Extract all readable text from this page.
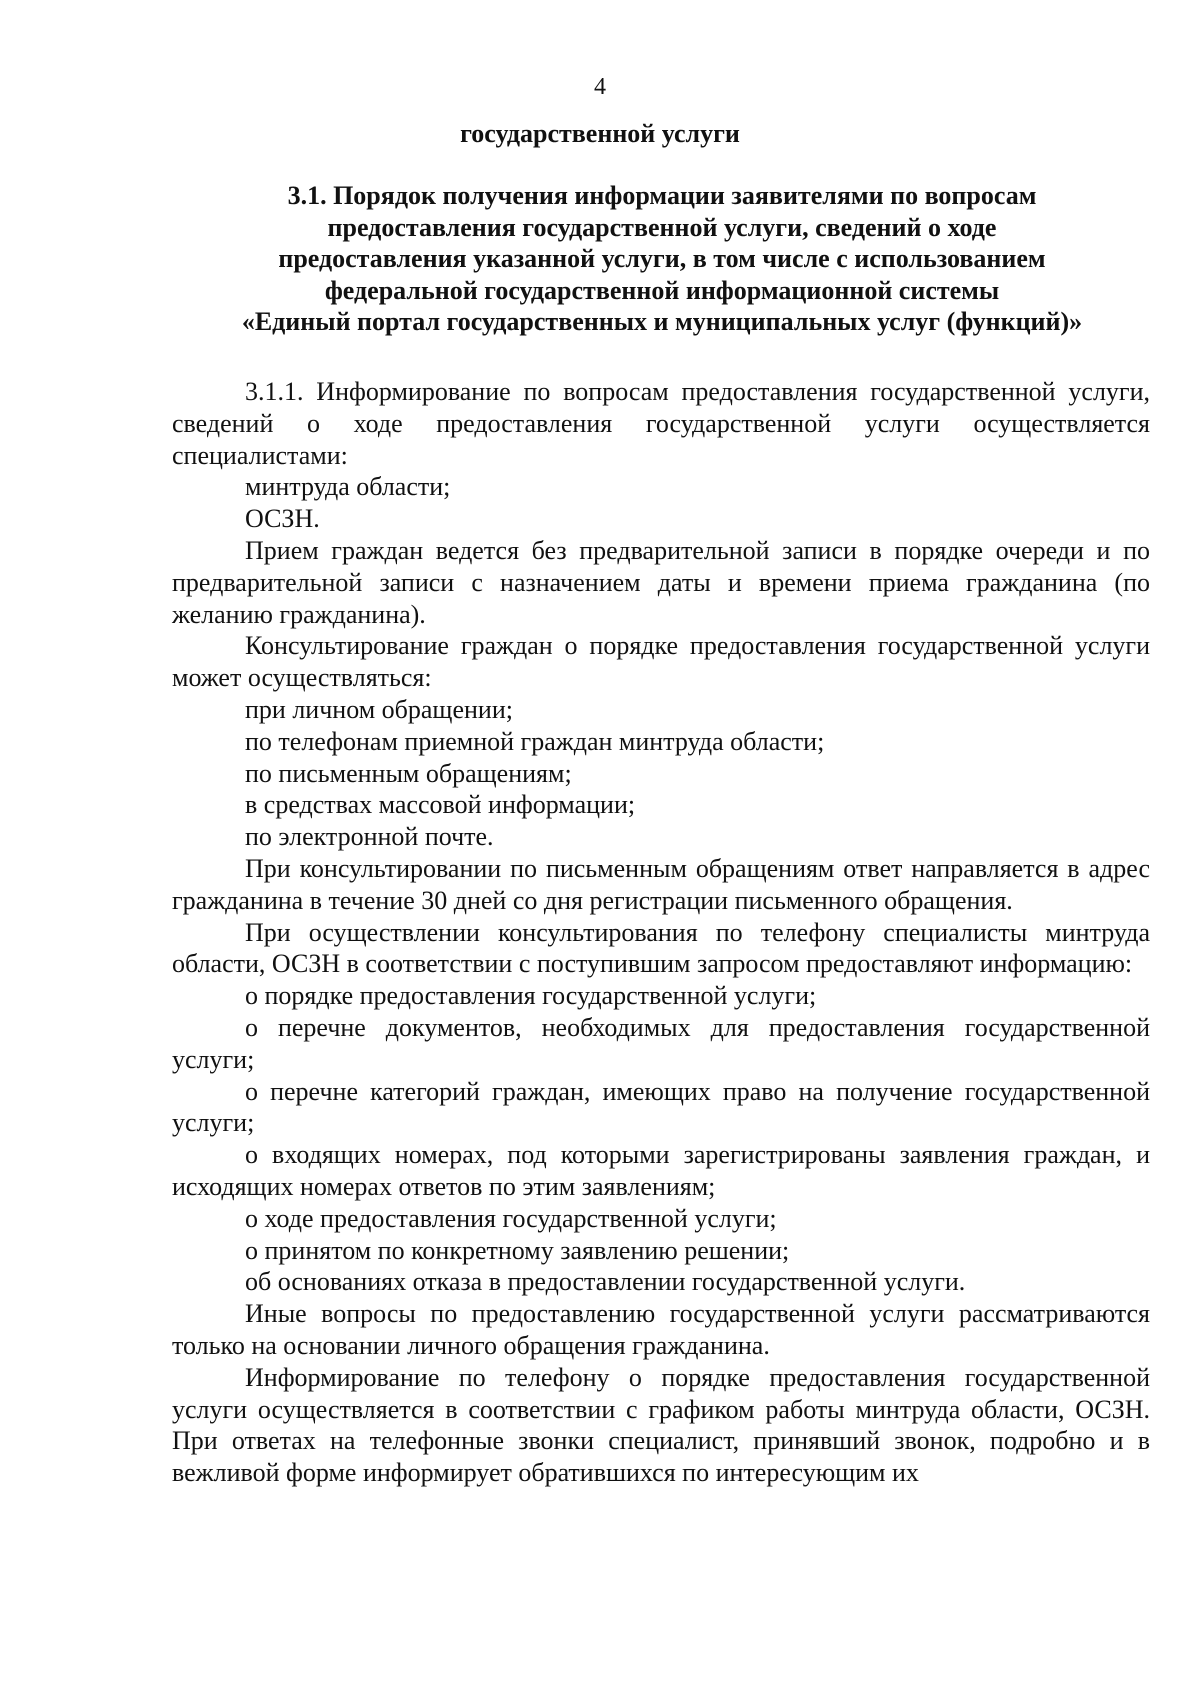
4
государственной услуги
3.1. Порядок получения информации заявителями по вопросам
предоставления государственной услуги, сведений о ходе
предоставления указанной услуги, в том числе с использованием
федеральной государственной информационной системы
«Единый портал государственных и муниципальных услуг (функций)»

3.1.1. Информирование по вопросам предоставления государственной услуги, сведений о ходе предоставления государственной услуги осуществляется специалистами:

минтруда области;

ОСЗН.

Прием граждан ведется без предварительной записи в порядке очереди и по предварительной записи с назначением даты и времени приема гражданина (по желанию гражданина).

Консультирование граждан о порядке предоставления государственной услуги может осуществляться:

при личном обращении;

по телефонам приемной граждан минтруда области;

по письменным обращениям;

в средствах массовой информации;

по электронной почте.

При консультировании по письменным обращениям ответ направляется в адрес гражданина в течение 30 дней со дня регистрации письменного обращения.

При осуществлении консультирования по телефону специалисты минтруда области, ОСЗН в соответствии с поступившим запросом предоставляют информацию:

о порядке предоставления государственной услуги;

о перечне документов, необходимых для предоставления государственной услуги;

о перечне категорий граждан, имеющих право на получение государственной услуги;

о входящих номерах, под которыми зарегистрированы заявления граждан, и исходящих номерах ответов по этим заявлениям;

о ходе предоставления государственной услуги;

о принятом по конкретному заявлению решении;

об основаниях отказа в предоставлении государственной услуги.

Иные вопросы по предоставлению государственной услуги рассматриваются только на основании личного обращения гражданина.

Информирование по телефону о порядке предоставления государственной услуги осуществляется в соответствии с графиком работы минтруда области, ОСЗН. При ответах на телефонные звонки специалист, принявший звонок, подробно и в вежливой форме информирует обратившихся по интересующим их
